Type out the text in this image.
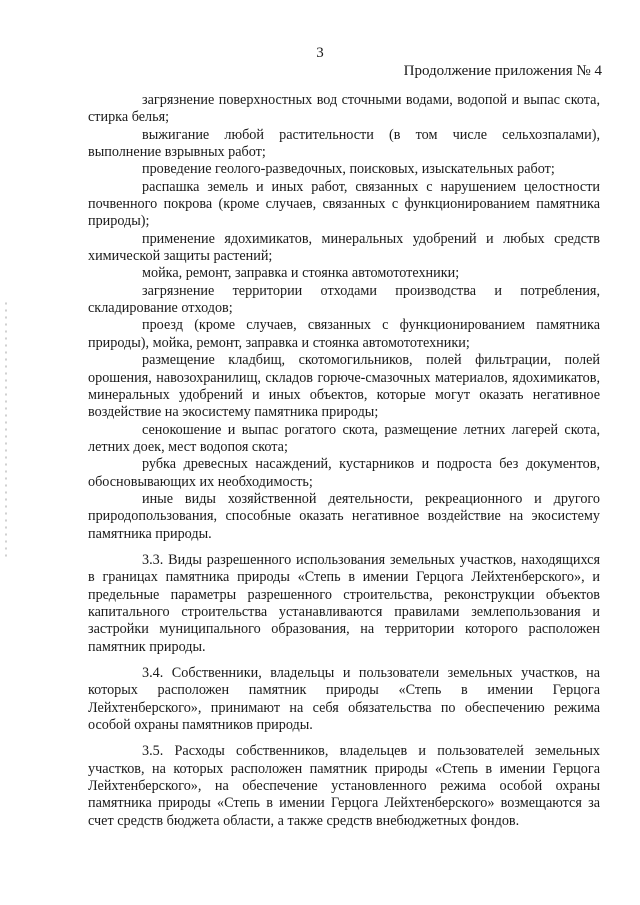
3
Продолжение приложения № 4

загрязнение поверхностных вод сточными водами, водопой и выпас скота, стирка белья;

выжигание любой растительности (в том числе сельхозпалами), выполнение взрывных работ;

проведение геолого-разведочных, поисковых, изыскательных работ;

распашка земель и иных работ, связанных с нарушением целостности почвенного покрова (кроме случаев, связанных с функционированием памятника природы);

применение ядохимикатов, минеральных удобрений и любых средств химической защиты растений;

мойка, ремонт, заправка и стоянка автомототехники;

загрязнение территории отходами производства и потребления, складирование отходов;

проезд (кроме случаев, связанных с функционированием памятника природы), мойка, ремонт, заправка и стоянка автомототехники;

размещение кладбищ, скотомогильников, полей фильтрации, полей орошения, навозохранилищ, складов горюче-смазочных материалов, ядохимикатов, минеральных удобрений и иных объектов, которые могут оказать негативное воздействие на экосистему памятника природы;

сенокошение и выпас рогатого скота, размещение летних лагерей скота, летних доек, мест водопоя скота;

рубка древесных насаждений, кустарников и подроста без документов, обосновывающих их необходимость;

иные виды хозяйственной деятельности, рекреационного и другого природопользования, способные оказать негативное воздействие на экосистему памятника природы.

3.3. Виды разрешенного использования земельных участков, находящихся в границах памятника природы «Степь в имении Герцога Лейхтенберского», и предельные параметры разрешенного строительства, реконструкции объектов капитального строительства устанавливаются правилами землепользования и застройки муниципального образования, на территории которого расположен памятник природы.

3.4. Собственники, владельцы и пользователи земельных участков, на которых расположен памятник природы «Степь в имении Герцога Лейхтенберского», принимают на себя обязательства по обеспечению режима особой охраны памятников природы.

3.5. Расходы собственников, владельцев и пользователей земельных участков, на которых расположен памятник природы «Степь в имении Герцога Лейхтенберского», на обеспечение установленного режима особой охраны памятника природы «Степь в имении Герцога Лейхтенберского» возмещаются за счет средств бюджета области, а также средств внебюджетных фондов.
